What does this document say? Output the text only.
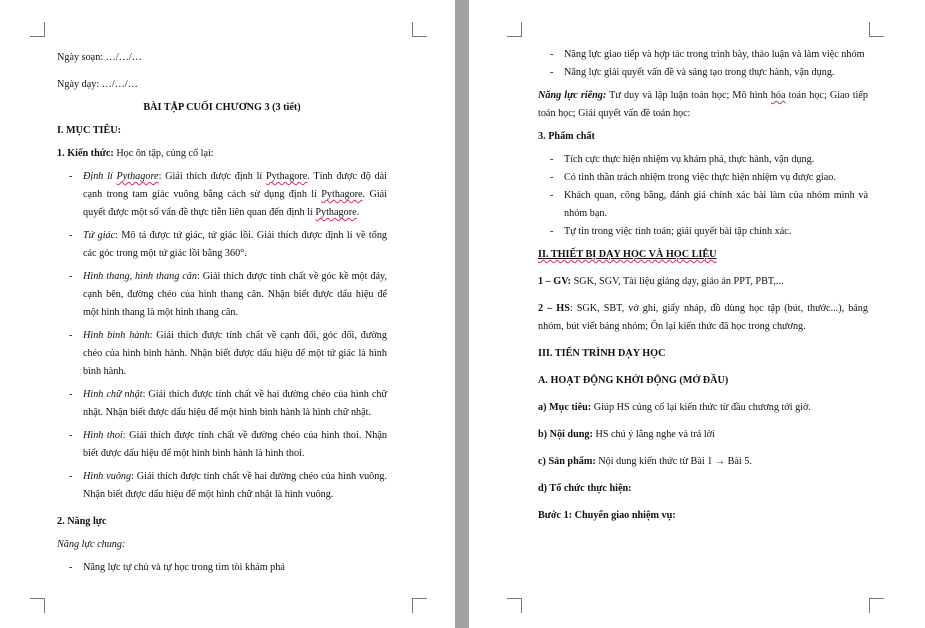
Ngày soạn: …/…/…

Ngày dạy: …/…/…

BÀI TẬP CUỐI CHƯƠNG 3 (3 tiết)

I. MỤC TIÊU:

1. Kiến thức: Học ôn tập, củng cố lại:

- Định lí Pythagore: Giải thích được định lí Pythagore. Tính được độ dài cạnh trong tam giác vuông bằng cách sử dụng định lí Pythagore. Giải quyết được một số vấn đề thực tiễn liên quan đến định lí Pythagore.

- Tứ giác: Mô tả được tứ giác, tứ giác lồi. Giải thích được định lí về tổng các góc trong một tứ giác lồi bằng 360°.

- Hình thang, hình thang cân: Giải thích được tính chất về góc kề một đáy, cạnh bên, đường chéo của hình thang cân. Nhận biết được dấu hiệu để một hình thang là một hình thang cân.

- Hình bình hành: Giải thích được tính chất về cạnh đối, góc đối, đường chéo của hình bình hành. Nhận biết được dấu hiệu để một tứ giác là hình bình hành.

- Hình chữ nhật: Giải thích được tính chất về hai đường chéo của hình chữ nhật. Nhận biết được dấu hiệu để một hình bình hành là hình chữ nhật.

- Hình thoi: Giải thích được tính chất về đường chéo của hình thoi. Nhận biết được dấu hiệu để một hình bình hành là hình thoi.

- Hình vuông: Giải thích được tính chất về hai đường chéo của hình vuông. Nhận biết được dấu hiệu để một hình chữ nhật là hình vuông.

2. Năng lực

Năng lực chung:

- Năng lực tự chủ và tự học trong tìm tòi khám phá

- Năng lực giao tiếp và hợp tác trong trình bày, thảo luận và làm việc nhóm

- Năng lực giải quyết vấn đề và sáng tạo trong thực hành, vận dụng.

Năng lực riêng: Tư duy và lập luận toán học; Mô hình hóa toán học; Giao tiếp toán học; Giải quyết vấn đề toán học:

3. Phẩm chất

- Tích cực thực hiện nhiệm vụ khám phá, thực hành, vận dụng.

- Có tinh thần trách nhiệm trong việc thực hiện nhiệm vụ được giao.

- Khách quan, công bằng, đánh giá chính xác bài làm của nhóm mình và nhóm bạn.

- Tự tin trong việc tính toán; giải quyết bài tập chính xác.

II. THIẾT BỊ DẠY HỌC VÀ HỌC LIỆU

1 – GV: SGK, SGV, Tài liệu giảng dạy, giáo án PPT, PBT,...

2 – HS: SGK, SBT, vở ghi, giấy nháp, đồ dùng học tập (bút, thước...), bảng nhóm, bút viết bảng nhóm; Ôn lại kiến thức đã học trong chương.

III. TIẾN TRÌNH DẠY HỌC

A. HOẠT ĐỘNG KHỞI ĐỘNG (MỞ ĐẦU)

a) Mục tiêu: Giúp HS củng cố lại kiến thức từ đầu chương tới giờ.

b) Nội dung: HS chú ý lắng nghe và trả lời

c) Sản phẩm: Nội dung kiến thức từ Bài 1 → Bài 5.

d) Tổ chức thực hiện:

Bước 1: Chuyển giao nhiệm vụ:
